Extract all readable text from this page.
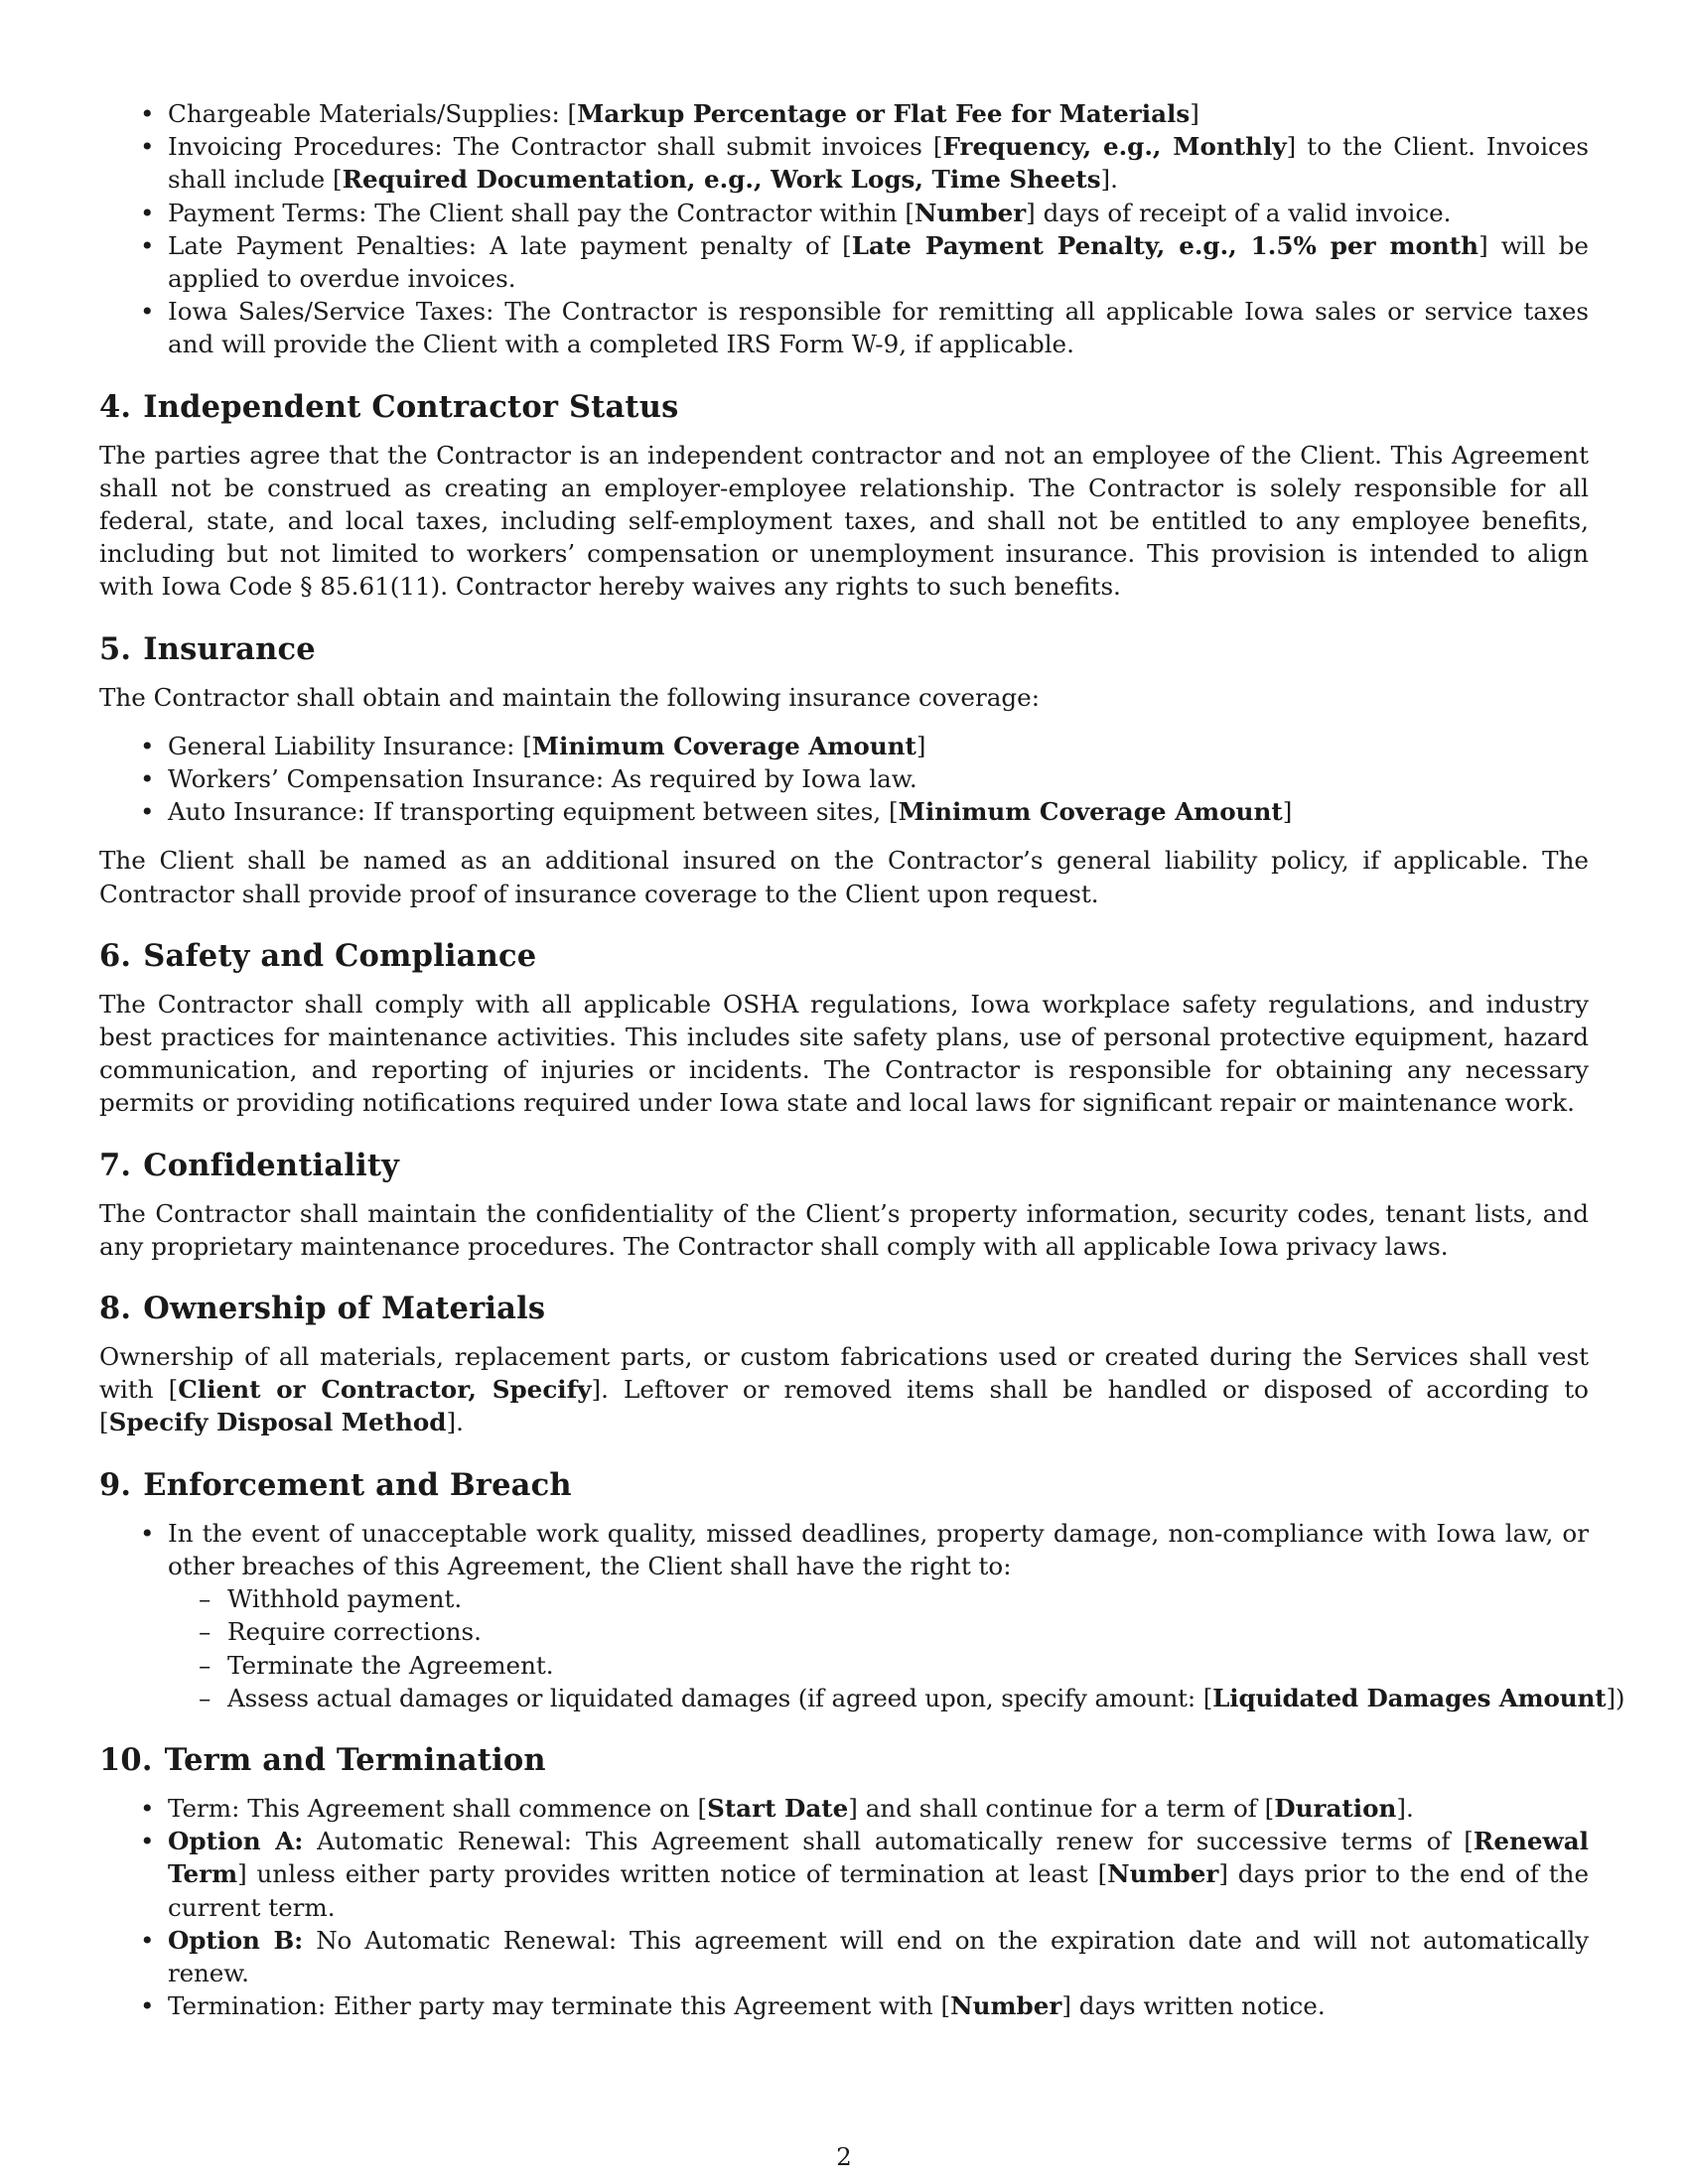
• Chargeable Materials/Supplies: [Markup Percentage or Flat Fee for Materials]
• Invoicing Procedures: The Contractor shall submit invoices [Frequency, e.g., Monthly] to the Client. Invoices shall include [Required Documentation, e.g., Work Logs, Time Sheets].
• Payment Terms: The Client shall pay the Contractor within [Number] days of receipt of a valid invoice.
• Late Payment Penalties: A late payment penalty of [Late Payment Penalty, e.g., 1.5% per month] will be applied to overdue invoices.
• Iowa Sales/Service Taxes: The Contractor is responsible for remitting all applicable Iowa sales or service taxes and will provide the Client with a completed IRS Form W-9, if applicable.
4. Independent Contractor Status

The parties agree that the Contractor is an independent contractor and not an employee of the Client. This Agreement shall not be construed as creating an employer-employee relationship. The Contractor is solely responsible for all federal, state, and local taxes, including self-employment taxes, and shall not be entitled to any employee benefits, including but not limited to workers’ compensation or unemployment insurance. This provision is intended to align with Iowa Code § 85.61(11). Contractor hereby waives any rights to such benefits.

5. Insurance

The Contractor shall obtain and maintain the following insurance coverage:

• General Liability Insurance: [Minimum Coverage Amount]
• Workers’ Compensation Insurance: As required by Iowa law.
• Auto Insurance: If transporting equipment between sites, [Minimum Coverage Amount]

The Client shall be named as an additional insured on the Contractor’s general liability policy, if applicable. The Contractor shall provide proof of insurance coverage to the Client upon request.

6. Safety and Compliance

The Contractor shall comply with all applicable OSHA regulations, Iowa workplace safety regulations, and industry best practices for maintenance activities. This includes site safety plans, use of personal protective equipment, hazard communication, and reporting of injuries or incidents. The Contractor is responsible for obtaining any necessary permits or providing notifications required under Iowa state and local laws for significant repair or maintenance work.

7. Confidentiality

The Contractor shall maintain the confidentiality of the Client’s property information, security codes, tenant lists, and any proprietary maintenance procedures. The Contractor shall comply with all applicable Iowa privacy laws.

8. Ownership of Materials

Ownership of all materials, replacement parts, or custom fabrications used or created during the Services shall vest with [Client or Contractor, Specify]. Leftover or removed items shall be handled or disposed of according to [Specify Disposal Method].

9. Enforcement and Breach
• In the event of unacceptable work quality, missed deadlines, property damage, non-compliance with Iowa law, or other breaches of this Agreement, the Client shall have the right to:
– Withhold payment.
– Require corrections.
– Terminate the Agreement.
– Assess actual damages or liquidated damages (if agreed upon, specify amount: [Liquidated Damages Amount])
10. Term and Termination
• Term: This Agreement shall commence on [Start Date] and shall continue for a term of [Duration].
• Option A: Automatic Renewal: This Agreement shall automatically renew for successive terms of [Renewal Term] unless either party provides written notice of termination at least [Number] days prior to the end of the current term.
• Option B: No Automatic Renewal: This agreement will end on the expiration date and will not automatically renew.
• Termination: Either party may terminate this Agreement with [Number] days written notice.
2
